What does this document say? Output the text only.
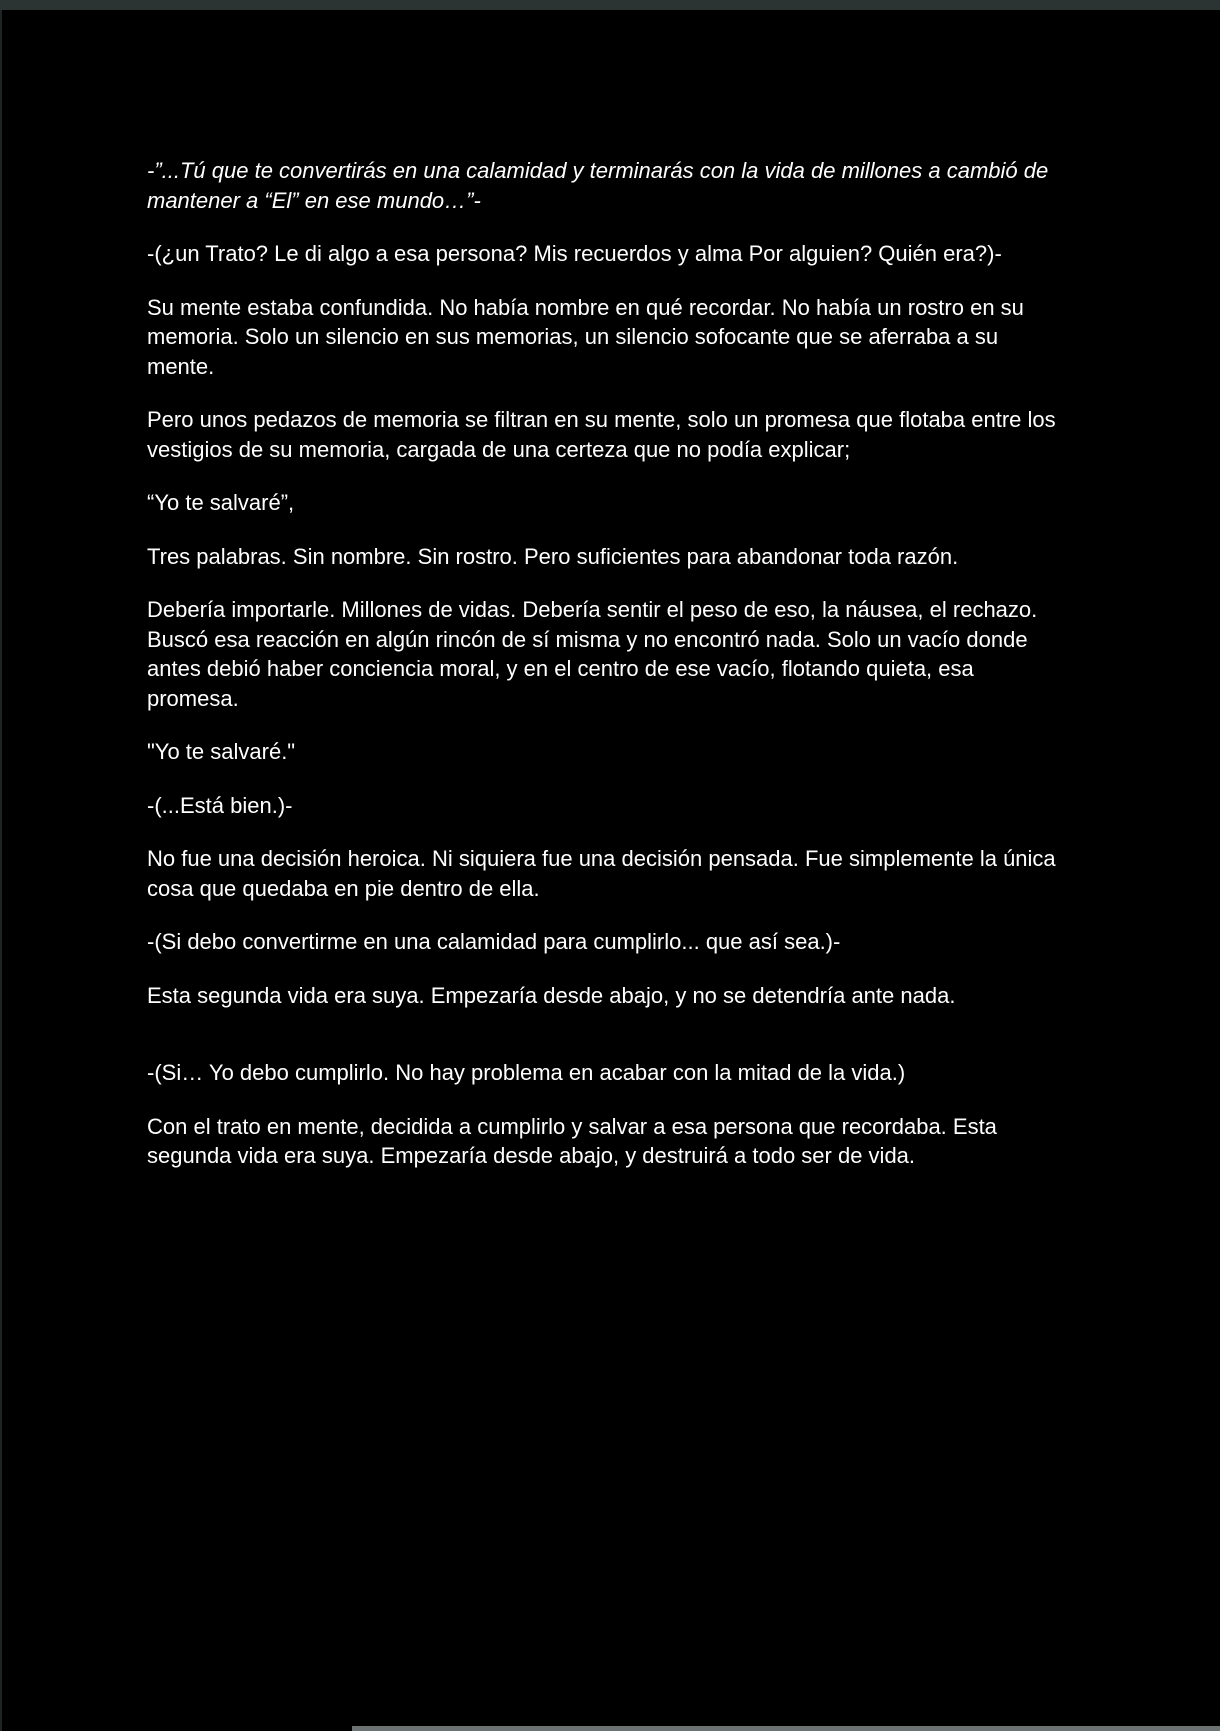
-”...Tú que te convertirás en una calamidad y terminarás con la vida de millones a cambió de mantener a “El” en ese mundo…”-

-(¿un Trato? Le di algo a esa persona? Mis recuerdos y alma Por alguien? Quién era?)-

Su mente estaba confundida. No había nombre en qué recordar. No había un rostro en su memoria. Solo un silencio en sus memorias, un silencio sofocante que se aferraba a su mente.

Pero unos pedazos de memoria se filtran en su mente, solo un promesa que flotaba entre los vestigios de su memoria, cargada de una certeza que no podía explicar;

“Yo te salvaré”,

Tres palabras. Sin nombre. Sin rostro. Pero suficientes para abandonar toda razón.

Debería importarle. Millones de vidas. Debería sentir el peso de eso, la náusea, el rechazo. Buscó esa reacción en algún rincón de sí misma y no encontró nada. Solo un vacío donde antes debió haber conciencia moral, y en el centro de ese vacío, flotando quieta, esa promesa.

"Yo te salvaré."

-(...Está bien.)-

No fue una decisión heroica. Ni siquiera fue una decisión pensada. Fue simplemente la única cosa que quedaba en pie dentro de ella.

-(Si debo convertirme en una calamidad para cumplirlo... que así sea.)-

Esta segunda vida era suya. Empezaría desde abajo, y no se detendría ante nada.

-(Si… Yo debo cumplirlo. No hay problema en acabar con la mitad de la vida.)

Con el trato en mente, decidida a cumplirlo y salvar a esa persona que recordaba. Esta segunda vida era suya. Empezaría desde abajo, y destruirá a todo ser de vida.
